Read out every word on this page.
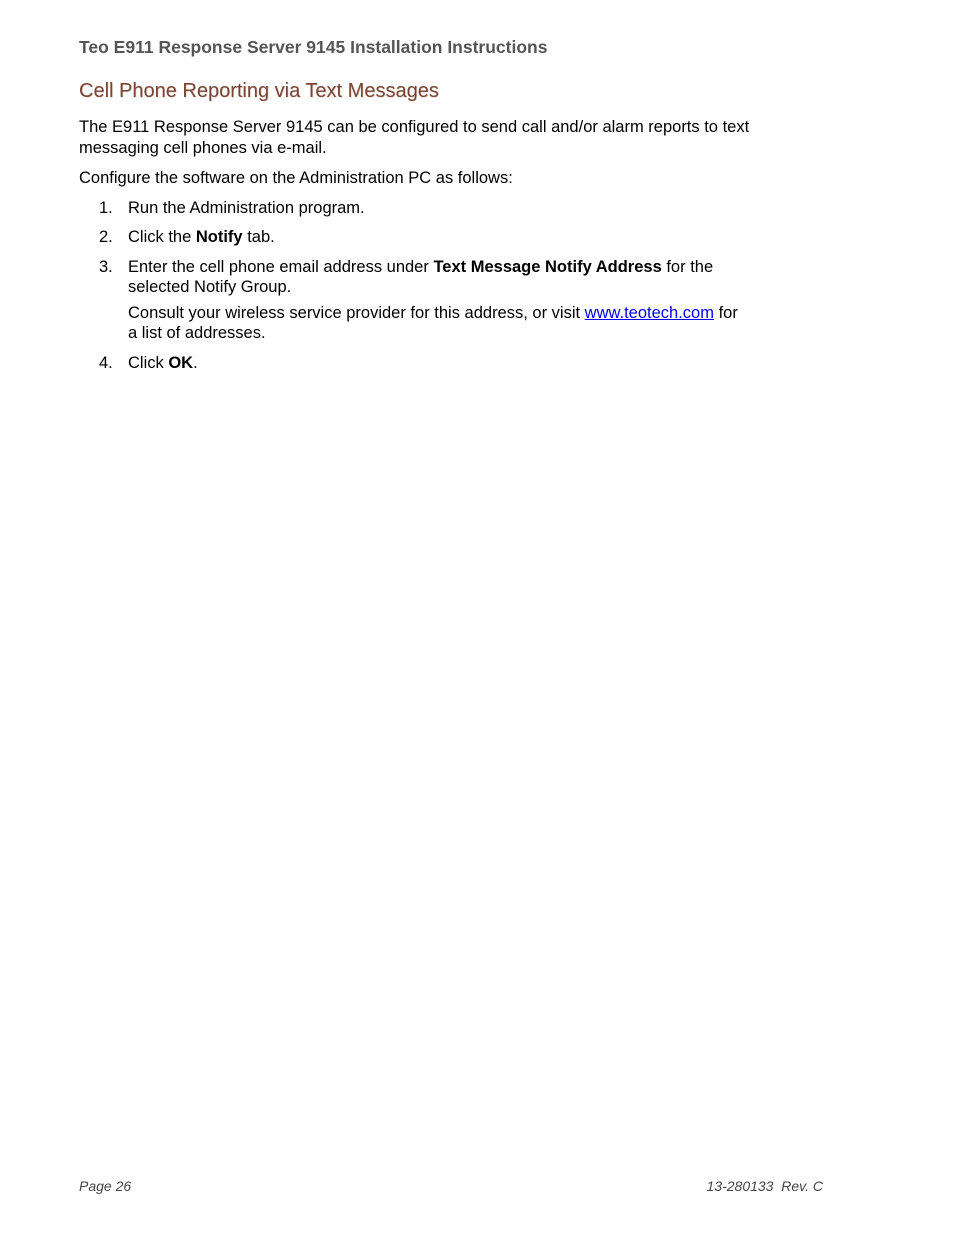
Teo E911 Response Server 9145 Installation Instructions
Cell Phone Reporting via Text Messages

The E911 Response Server 9145 can be configured to send call and/or alarm reports to text
messaging cell phones via e-mail.

Configure the software on the Administration PC as follows:

1. Run the Administration program.

2. Click the Notify tab.

3. Enter the cell phone email address under Text Message Notify Address for the
selected Notify Group.

Consult your wireless service provider for this address, or visit www.teotech.com for
a list of addresses.

4. Click OK.

Page 26	13-280133  Rev. C
